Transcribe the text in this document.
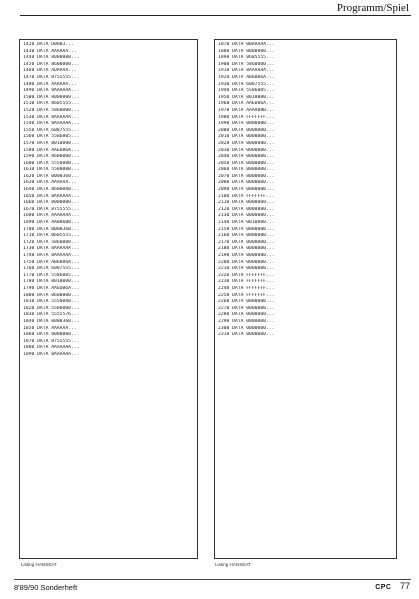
Programm/Spiel
1420 DATA D0003...
1430 DATA AAAAAA...
1440 DATA 8000000...
1450 DATA 8600000...
1460 DATA ADAAAA...
1470 DATA 8755555...
1480 DATA AAAAAA...
1490 DATA 8AAAAAA...
1500 DATA 8000000...
1510 DATA 8605555...
1520 DATA 5860000...
1530 DATA 8AAAAAA...
1540 DATA 8AAAAAA...
1550 DATA 6087555...
1560 DATA 5586005...
1570 DATA 0010000...
1580 DATA AAEDB6A...
1590 DATA 8600000...
1600 DATA 5550000...
1610 DATA 5580000...
1620 DATA 0000360...
1630 DATA AAAAAA...
1640 DATA 8600000...
1650 DATA 8AAAAAA...
1660 DATA 8000000...
1670 DATA 8755555...
1680 DATA AAAAAAA...
1690 DATA AA88600...
1700 DATA 0000360...
1710 DATA 0605555...
1720 DATA 5860000...
1730 DATA 8AAAAAA...
1740 DATA 8AAAAAA...
1750 DATA AB6086A...
1760 DATA 6087555...
1770 DATA 5586005...
1780 DATA 0010000...
1790 DATA AAEDB6A...
1800 DATA 8600000...
1810 DATA 5550000...
1820 DATA 5580000...
1830 DATA 5555576...
1840 DATA 0000360...
1850 DATA AAAAAA...
1860 DATA 8000000...
1870 DATA 8755555...
1880 DATA AAAAAAA...
1890 DATA 8AAAAAA...
1870 DATA 0BAAAAA...
1880 DATA 8000000...
1890 DATA 0605555...
1900 DATA 5860000...
1910 DATA 8AAAAAA...
1920 DATA AB6086A...
1930 DATA 6087555...
1940 DATA 5586005...
1950 DATA 0010000...
1960 DATA AAEDB6A...
1970 DATA AAAAB8B...
1980 DATA FFFFFFF...
1990 DATA 0000000...
2000 DATA 0000000...
2010 DATA 0000000...
2020 DATA 0000000...
2030 DATA 0000000...
2040 DATA 0000000...
2050 DATA 0000000...
2060 DATA 0000000...
2070 DATA 8000000...
2080 DATA 0000000...
2090 DATA 0000000...
2100 DATA FFFFFFF...
2110 DATA 0000000...
2120 DATA 0000000...
2130 DATA 0000000...
2140 DATA 0010800...
2150 DATA 0000000...
2160 DATA 0000000...
2170 DATA 0000000...
2180 DATA 0000000...
2190 DATA 0000000...
2200 DATA 0000000...
2210 DATA 0000000...
2220 DATA FFFFFFF...
2230 DATA FFFFFFF...
2240 DATA FFFFFFF...
2250 DATA FFFFFFF...
2260 DATA 0000000...
2270 DATA 0000000...
2280 DATA 0000000...
2290 DATA 0000000...
2300 DATA 0000000...
2310 DATA 0000000...
Listing HANSEAT	Listing HANSEAT
8'89/90 Sonderheft	CPC 77
